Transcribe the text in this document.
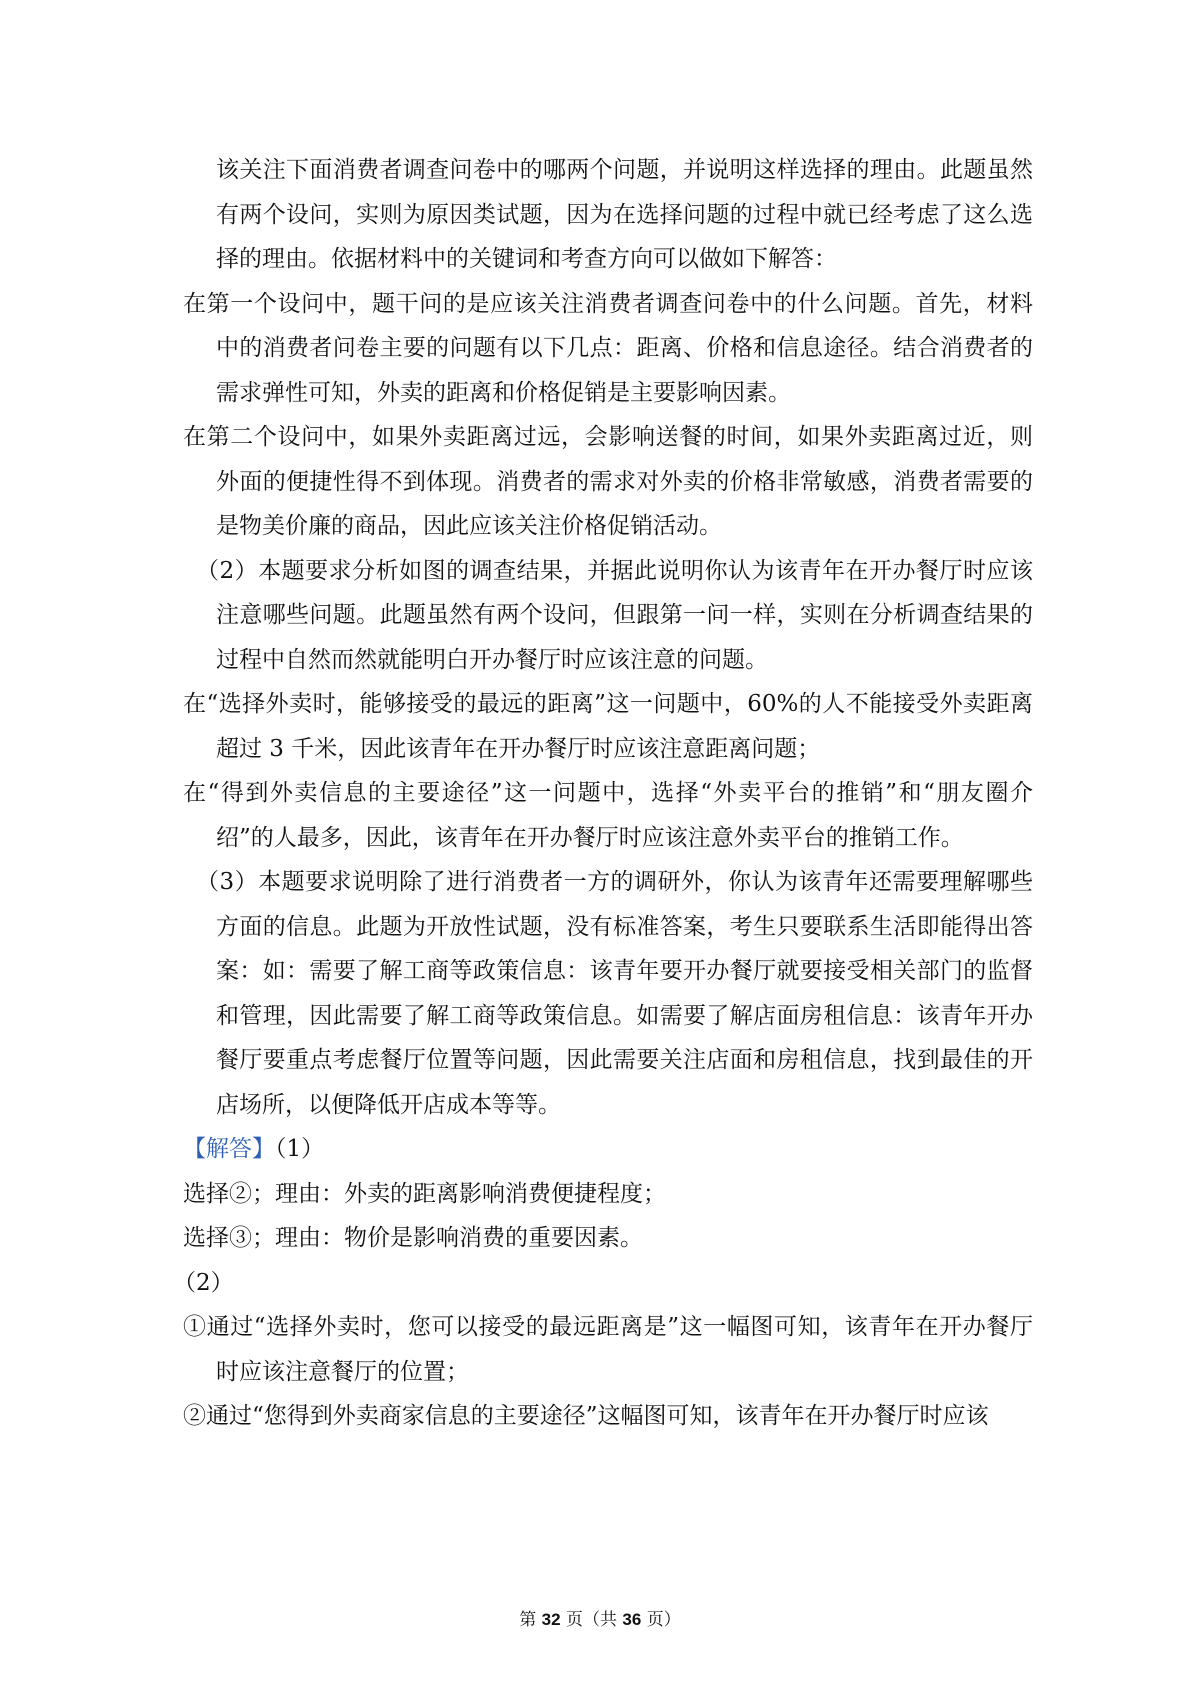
该关注下面消费者调查问卷中的哪两个问题，并说明这样选择的理由。此题虽然有两个设问，实则为原因类试题，因为在选择问题的过程中就已经考虑了这么选择的理由。依据材料中的关键词和考查方向可以做如下解答：

在第一个设问中，题干问的是应该关注消费者调查问卷中的什么问题。首先，材料中的消费者问卷主要的问题有以下几点：距离、价格和信息途径。结合消费者的需求弹性可知，外卖的距离和价格促销是主要影响因素。

在第二个设问中，如果外卖距离过远，会影响送餐的时间，如果外卖距离过近，则外面的便捷性得不到体现。消费者的需求对外卖的价格非常敏感，消费者需要的是物美价廉的商品，因此应该关注价格促销活动。

（2）本题要求分析如图的调查结果，并据此说明你认为该青年在开办餐厅时应该注意哪些问题。此题虽然有两个设问，但跟第一问一样，实则在分析调查结果的过程中自然而然就能明白开办餐厅时应该注意的问题。

在“选择外卖时，能够接受的最远的距离”这一问题中，60%的人不能接受外卖距离超过 3 千米，因此该青年在开办餐厅时应该注意距离问题；

在“得到外卖信息的主要途径”这一问题中，选择“外卖平台的推销”和“朋友圈介绍”的人最多，因此，该青年在开办餐厅时应该注意外卖平台的推销工作。

（3）本题要求说明除了进行消费者一方的调研外，你认为该青年还需要理解哪些方面的信息。此题为开放性试题，没有标准答案，考生只要联系生活即能得出答案：如：需要了解工商等政策信息：该青年要开办餐厅就要接受相关部门的监督和管理，因此需要了解工商等政策信息。如需要了解店面房租信息：该青年开办餐厅要重点考虑餐厅位置等问题，因此需要关注店面和房租信息，找到最佳的开店场所，以便降低开店成本等等。

【解答】（1）

选择②；理由：外卖的距离影响消费便捷程度；

选择③；理由：物价是影响消费的重要因素。

（2）

①通过“选择外卖时，您可以接受的最远距离是”这一幅图可知，该青年在开办餐厅时应该注意餐厅的位置；

②通过“您得到外卖商家信息的主要途径”这幅图可知，该青年在开办餐厅时应该

第 32 页（共 36 页）
